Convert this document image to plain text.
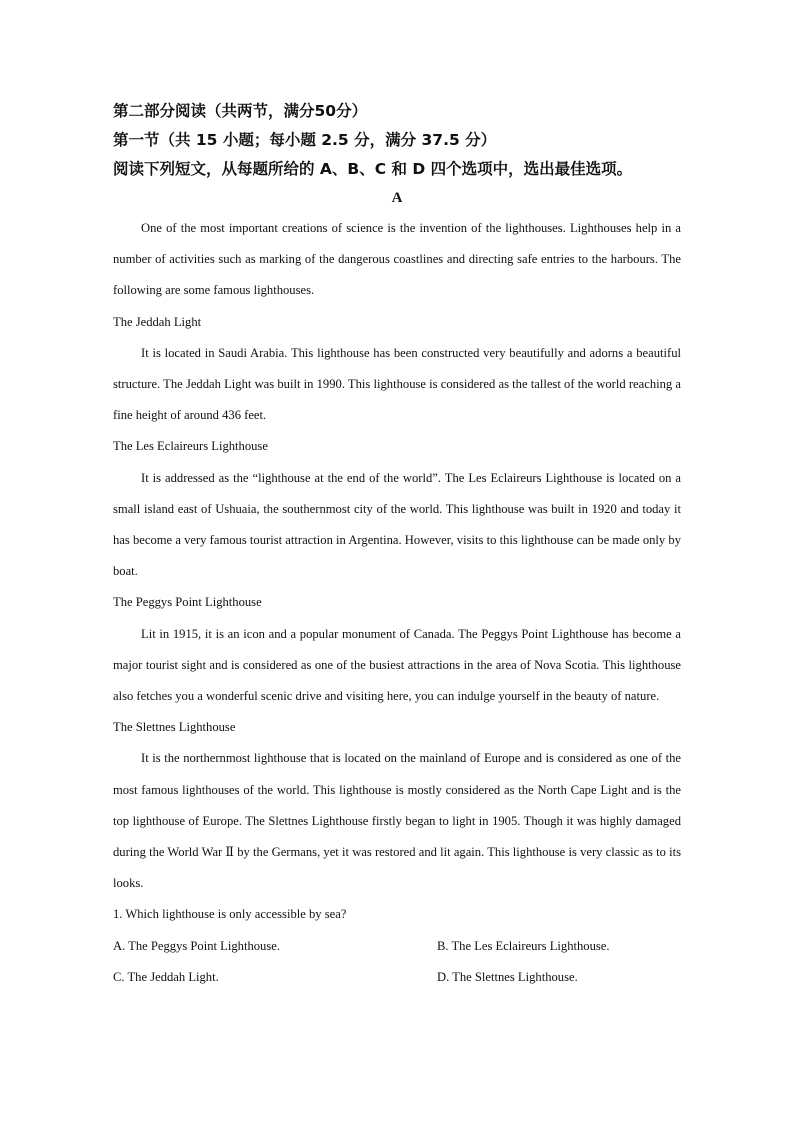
第二部分阅读（共两节，满分50分）
第一节（共 15 小题；每小题 2.5 分，满分 37.5 分）
阅读下列短文，从每题所给的 A、B、C 和 D 四个选项中，选出最佳选项。
A
One of the most important creations of science is the invention of the lighthouses. Lighthouses help in a number of activities such as marking of the dangerous coastlines and directing safe entries to the harbours. The following are some famous lighthouses.
The Jeddah Light
It is located in Saudi Arabia. This lighthouse has been constructed very beautifully and adorns a beautiful structure. The Jeddah Light was built in 1990. This lighthouse is considered as the tallest of the world reaching a fine height of around 436 feet.
The Les Eclaireurs Lighthouse
It is addressed as the “lighthouse at the end of the world”. The Les Eclaireurs Lighthouse is located on a small island east of Ushuaia, the southernmost city of the world. This lighthouse was built in 1920 and today it has become a very famous tourist attraction in Argentina. However, visits to this lighthouse can be made only by boat.
The Peggys Point Lighthouse
Lit in 1915, it is an icon and a popular monument of Canada. The Peggys Point Lighthouse has become a major tourist sight and is considered as one of the busiest attractions in the area of Nova Scotia. This lighthouse also fetches you a wonderful scenic drive and visiting here, you can indulge yourself in the beauty of nature.
The Slettnes Lighthouse
It is the northernmost lighthouse that is located on the mainland of Europe and is considered as one of the most famous lighthouses of the world. This lighthouse is mostly considered as the North Cape Light and is the top lighthouse of Europe. The Slettnes Lighthouse firstly began to light in 1905. Though it was highly damaged during the World War Ⅱ by the Germans, yet it was restored and lit again. This lighthouse is very classic as to its looks.
1. Which lighthouse is only accessible by sea?
A. The Peggys Point Lighthouse.	B. The Les Eclaireurs Lighthouse.
C. The Jeddah Light.	D. The Slettnes Lighthouse.
